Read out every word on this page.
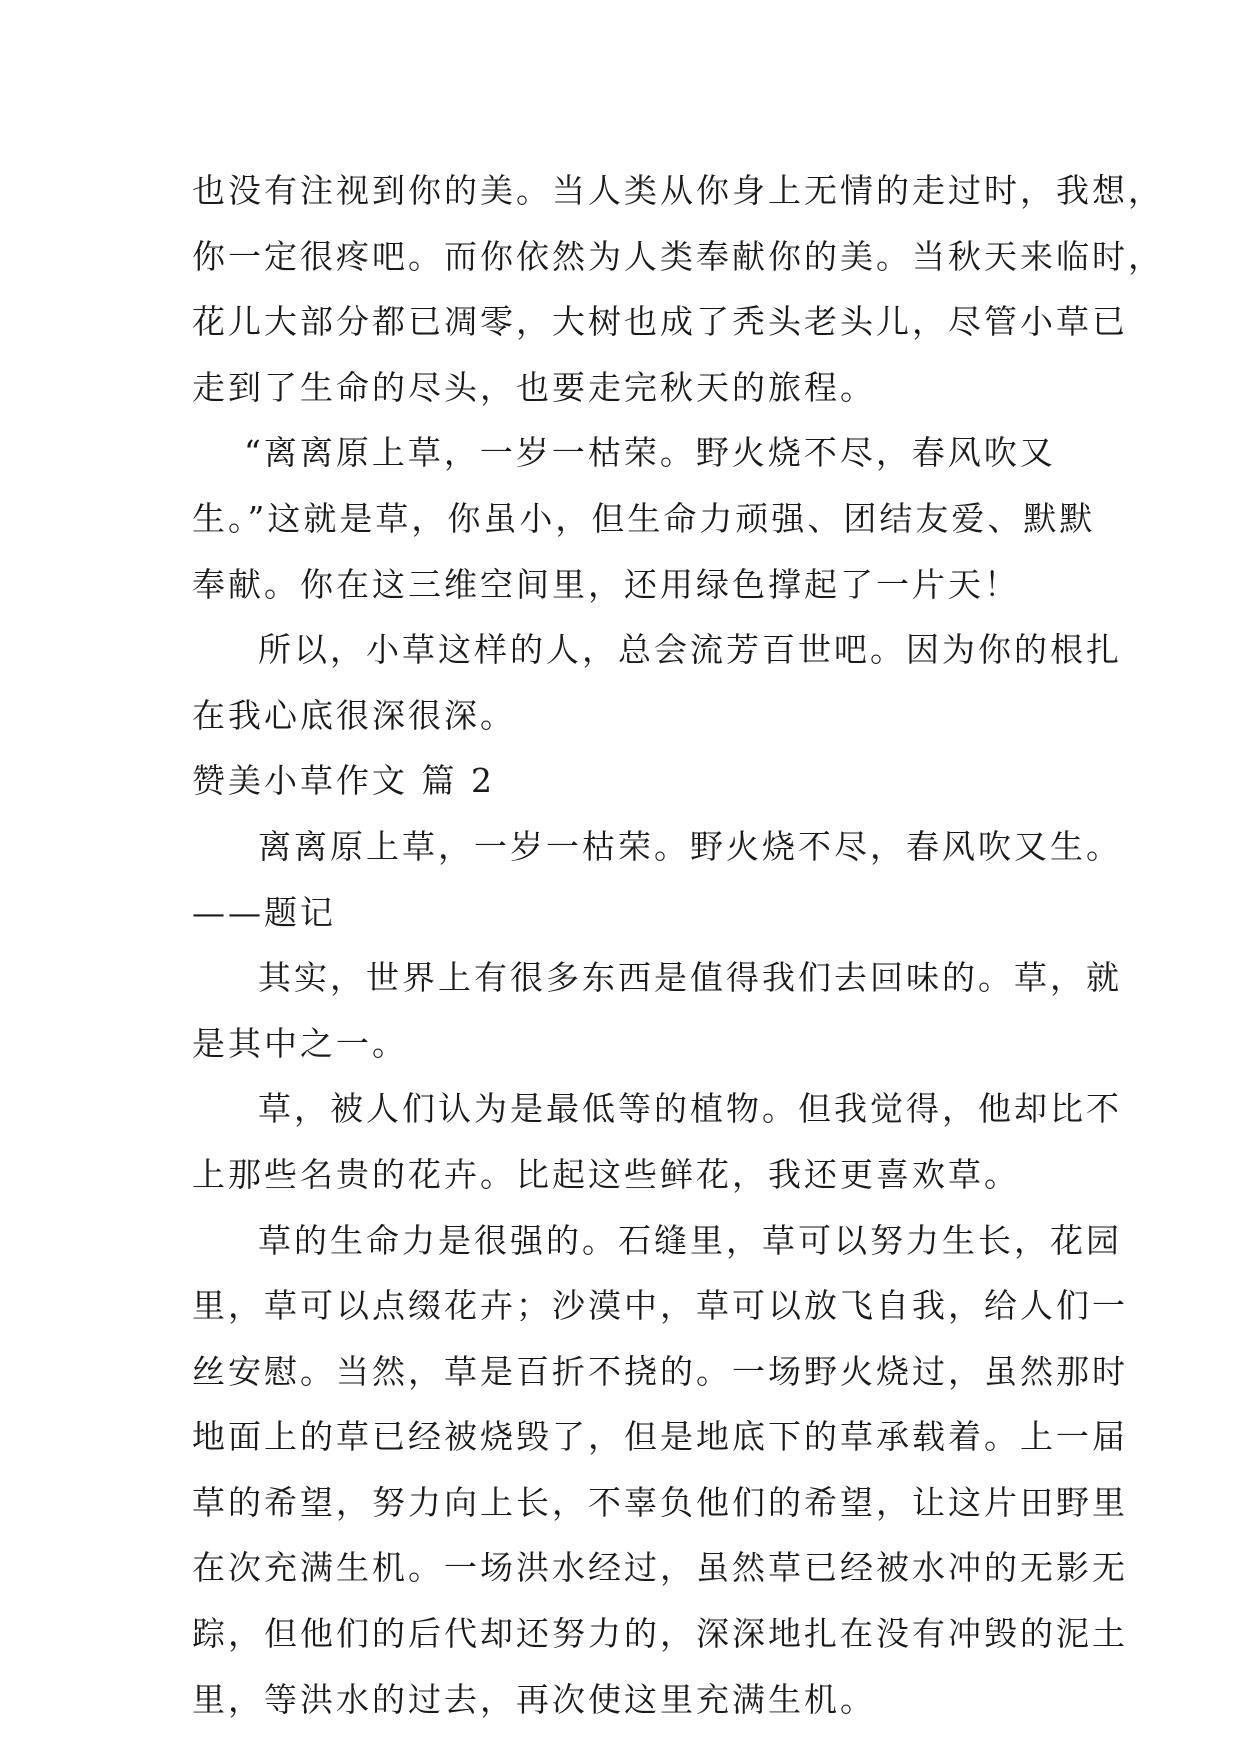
也没有注视到你的美。当人类从你身上无情的走过时，我想，
你一定很疼吧。而你依然为人类奉献你的美。当秋天来临时，
花儿大部分都已凋零，大树也成了秃头老头儿，尽管小草已
走到了生命的尽头，也要走完秋天的旅程。
“离离原上草，一岁一枯荣。野火烧不尽，春风吹又
生。”这就是草，你虽小，但生命力顽强、团结友爱、默默
奉献。你在这三维空间里，还用绿色撑起了一片天！
所以，小草这样的人，总会流芳百世吧。因为你的根扎
在我心底很深很深。
赞美小草作文 篇 2
离离原上草，一岁一枯荣。野火烧不尽，春风吹又生。
——题记
其实，世界上有很多东西是值得我们去回味的。草，就
是其中之一。
草，被人们认为是最低等的植物。但我觉得，他却比不
上那些名贵的花卉。比起这些鲜花，我还更喜欢草。
草的生命力是很强的。石缝里，草可以努力生长，花园
里，草可以点缀花卉；沙漠中，草可以放飞自我，给人们一
丝安慰。当然，草是百折不挠的。一场野火烧过，虽然那时
地面上的草已经被烧毁了，但是地底下的草承载着。上一届
草的希望，努力向上长，不辜负他们的希望，让这片田野里
在次充满生机。一场洪水经过，虽然草已经被水冲的无影无
踪，但他们的后代却还努力的，深深地扎在没有冲毁的泥土
里，等洪水的过去，再次使这里充满生机。
